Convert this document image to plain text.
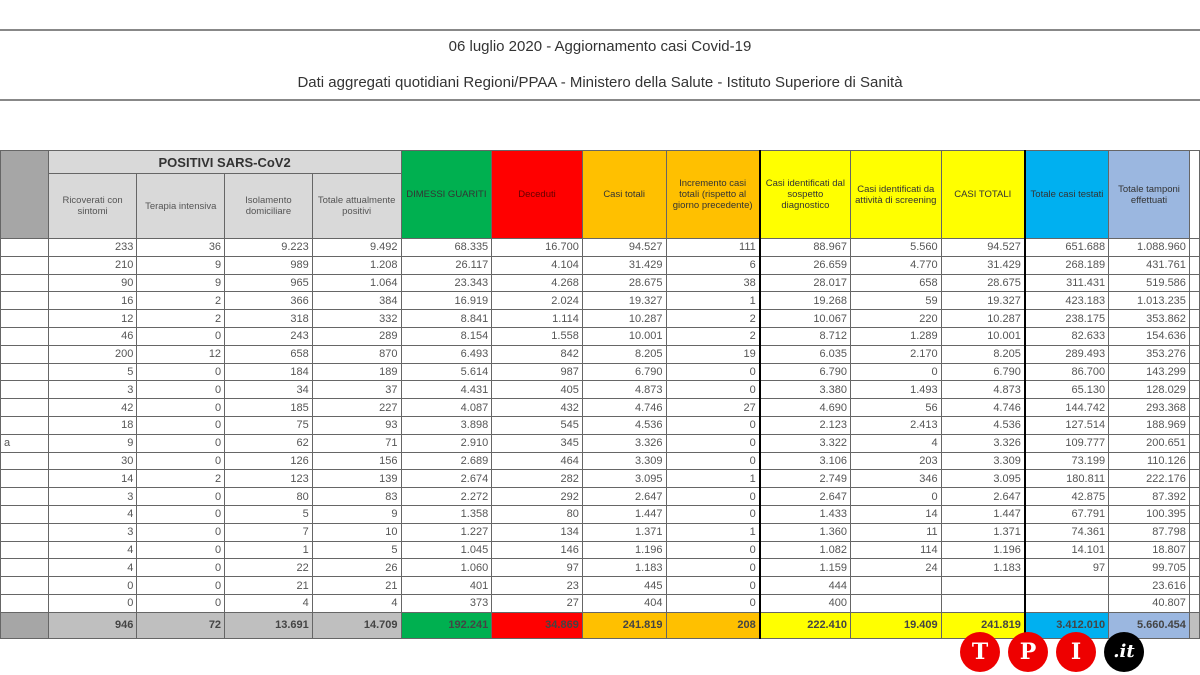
06 luglio 2020 - Aggiornamento casi Covid-19
Dati aggregati quotidiani Regioni/PPAA - Ministero della Salute - Istituto Superiore di Sanità
	POSITIVI SARS-CoV2				DIMESSI GUARITI	Deceduti	Casi totali	Incremento casi totali (rispetto al giorno precedente)	Casi identificati dal sospetto diagnostico	Casi identificati da attività di screening	CASI TOTALI	Totale casi testati	Totale tamponi effettuati	
	Ricoverati con sintomi	Terapia intensiva	Isolamento domiciliare	Totale attualmente positivi										
	233	36	9.223	9.492	68.335	16.700	94.527	111	88.967	5.560	94.527	651.688	1.088.960	
	210	9	989	1.208	26.117	4.104	31.429	6	26.659	4.770	31.429	268.189	431.761	
	90	9	965	1.064	23.343	4.268	28.675	38	28.017	658	28.675	311.431	519.586	
	16	2	366	384	16.919	2.024	19.327	1	19.268	59	19.327	423.183	1.013.235	
	12	2	318	332	8.841	1.114	10.287	2	10.067	220	10.287	238.175	353.862	
	46	0	243	289	8.154	1.558	10.001	2	8.712	1.289	10.001	82.633	154.636	
	200	12	658	870	6.493	842	8.205	19	6.035	2.170	8.205	289.493	353.276	
	5	0	184	189	5.614	987	6.790	0	6.790	0	6.790	86.700	143.299	
	3	0	34	37	4.431	405	4.873	0	3.380	1.493	4.873	65.130	128.029	
	42	0	185	227	4.087	432	4.746	27	4.690	56	4.746	144.742	293.368	
	18	0	75	93	3.898	545	4.536	0	2.123	2.413	4.536	127.514	188.969	
a	9	0	62	71	2.910	345	3.326	0	3.322	4	3.326	109.777	200.651	
	30	0	126	156	2.689	464	3.309	0	3.106	203	3.309	73.199	110.126	
	14	2	123	139	2.674	282	3.095	1	2.749	346	3.095	180.811	222.176	
	3	0	80	83	2.272	292	2.647	0	2.647	0	2.647	42.875	87.392	
	4	0	5	9	1.358	80	1.447	0	1.433	14	1.447	67.791	100.395	
	3	0	7	10	1.227	134	1.371	1	1.360	11	1.371	74.361	87.798	
	4	0	1	5	1.045	146	1.196	0	1.082	114	1.196	14.101	18.807	
	4	0	22	26	1.060	97	1.183	0	1.159	24	1.183	97	99.705	
	0	0	21	21	401	23	445	0	444				23.616	
	0	0	4	4	373	27	404	0	400				40.807	
	946	72	13.691	14.709	192.241	34.869	241.819	208	222.410	19.409	241.819	3.412.010	5.660.454	
T	P	I	.it
